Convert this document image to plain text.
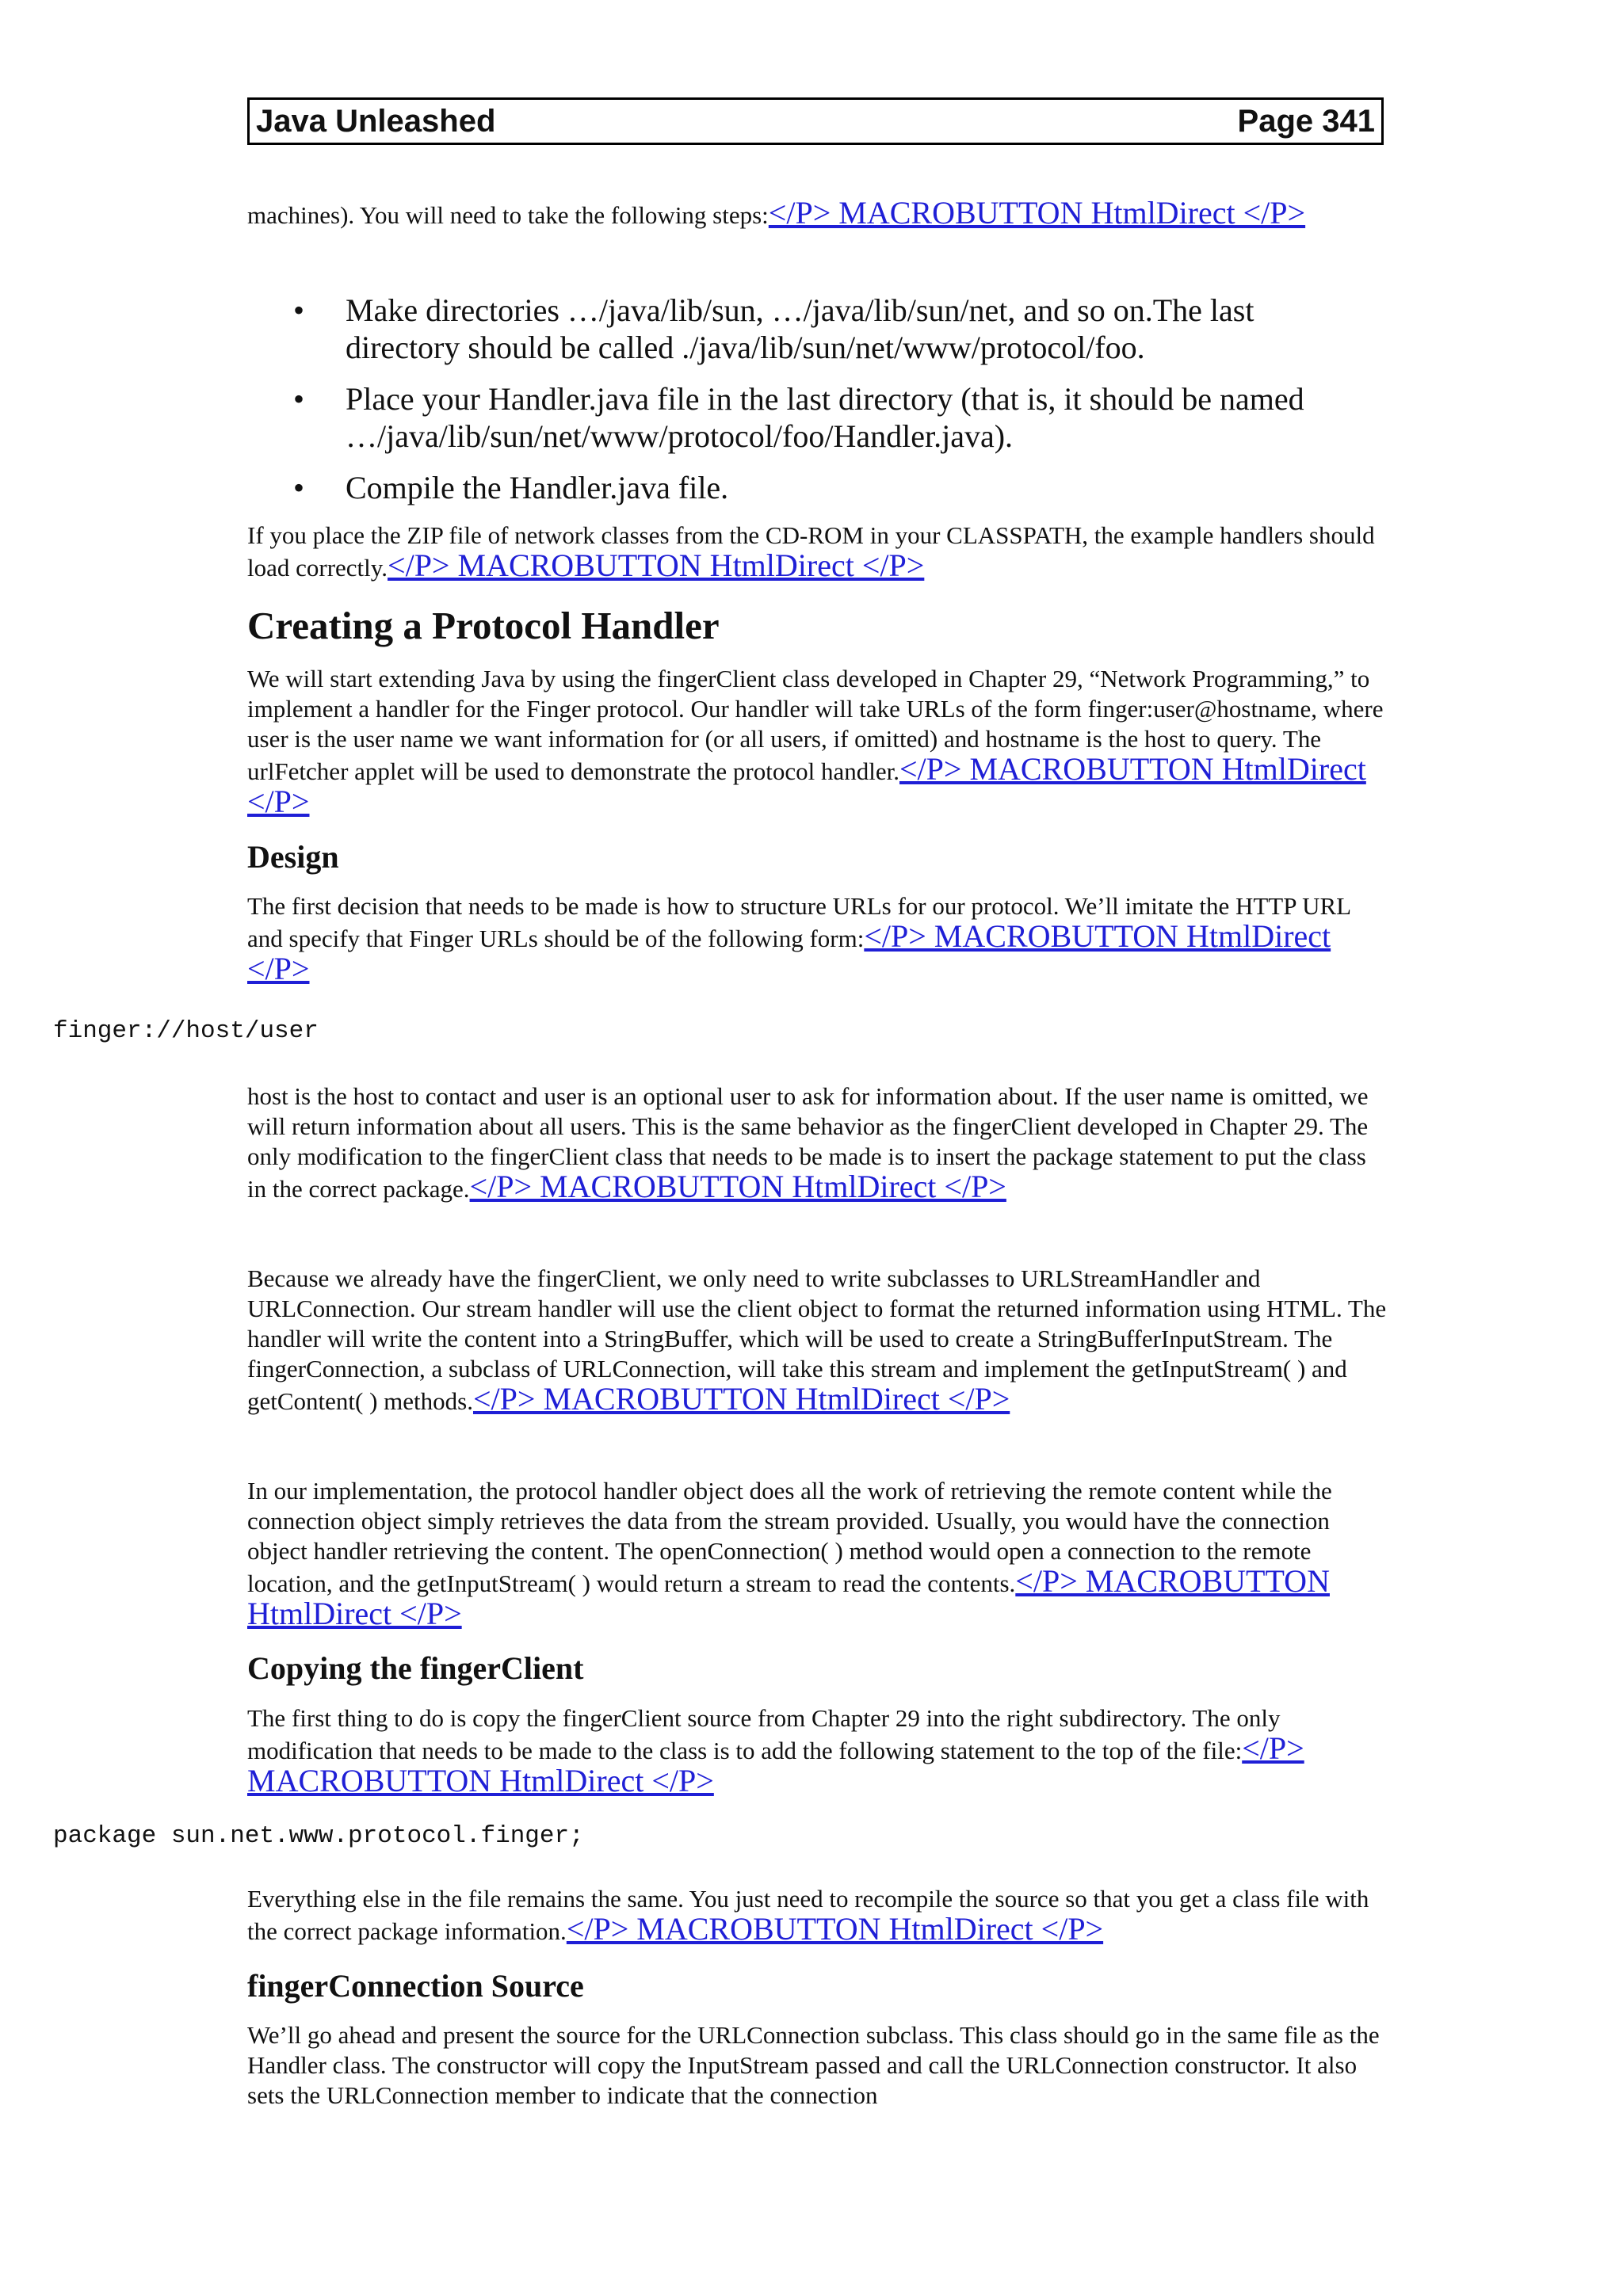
Java Unleashed	Page 341

machines). You will need to take the following steps:</P> MACROBUTTON HtmlDirect </P>

• Make directories …/java/lib/sun, …/java/lib/sun/net, and so on.The last directory should be called ./java/lib/sun/net/www/protocol/foo.
• Place your Handler.java file in the last directory (that is, it should be named …/java/lib/sun/net/www/protocol/foo/Handler.java).
• Compile the Handler.java file.

If you place the ZIP file of network classes from the CD-ROM in your CLASSPATH, the example handlers should load correctly.</P> MACROBUTTON HtmlDirect </P>

Creating a Protocol Handler

We will start extending Java by using the fingerClient class developed in Chapter 29, “Network Programming,” to implement a handler for the Finger protocol. Our handler will take URLs of the form finger:user@hostname, where user is the user name we want information for (or all users, if omitted) and hostname is the host to query. The urlFetcher applet will be used to demonstrate the protocol handler.</P> MACROBUTTON HtmlDirect </P>

Design

The first decision that needs to be made is how to structure URLs for our protocol. We’ll imitate the HTTP URL and specify that Finger URLs should be of the following form:</P> MACROBUTTON HtmlDirect </P>

finger://host/user

host is the host to contact and user is an optional user to ask for information about. If the user name is omitted, we will return information about all users. This is the same behavior as the fingerClient developed in Chapter 29. The only modification to the fingerClient class that needs to be made is to insert the package statement to put the class in the correct package.</P> MACROBUTTON HtmlDirect </P>

Because we already have the fingerClient, we only need to write subclasses to URLStreamHandler and URLConnection. Our stream handler will use the client object to format the returned information using HTML. The handler will write the content into a StringBuffer, which will be used to create a StringBufferInputStream. The fingerConnection, a subclass of URLConnection, will take this stream and implement the getInputStream( ) and getContent( ) methods.</P> MACROBUTTON HtmlDirect </P>

In our implementation, the protocol handler object does all the work of retrieving the remote content while the connection object simply retrieves the data from the stream provided. Usually, you would have the connection object handler retrieving the content. The openConnection( ) method would open a connection to the remote location, and the getInputStream( ) would return a stream to read the contents.</P> MACROBUTTON HtmlDirect </P>

Copying the fingerClient

The first thing to do is copy the fingerClient source from Chapter 29 into the right subdirectory. The only modification that needs to be made to the class is to add the following statement to the top of the file:</P> MACROBUTTON HtmlDirect </P>

package sun.net.www.protocol.finger;

Everything else in the file remains the same. You just need to recompile the source so that you get a class file with the correct package information.</P> MACROBUTTON HtmlDirect </P>

fingerConnection Source

We’ll go ahead and present the source for the URLConnection subclass. This class should go in the same file as the Handler class. The constructor will copy the InputStream passed and call the URLConnection constructor. It also sets the URLConnection member to indicate that the connection
